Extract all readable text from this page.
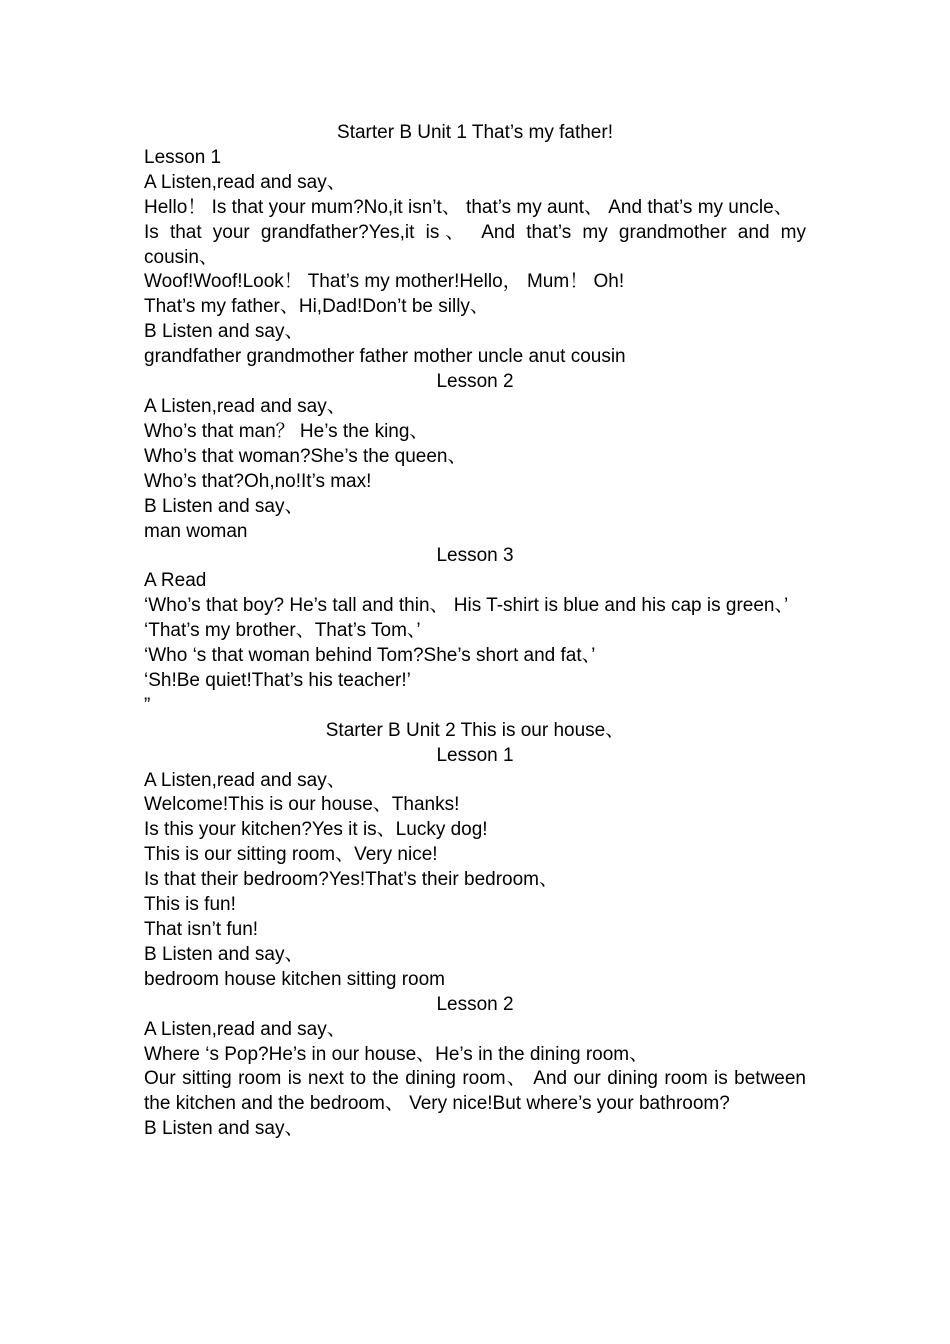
Starter B Unit 1 That’s my father!
Lesson 1
A Listen,read and say、
Hello！ Is that your mum?No,it isn’t、 that’s my aunt、 And that’s my uncle、
Is that your grandfather?Yes,it is、 And that’s my grandmother and my cousin、
Woof!Woof!Look！ That’s my mother!Hello， Mum！ Oh!
That’s my father、Hi,Dad!Don’t be silly、
B Listen and say、
grandfather grandmother father mother uncle anut cousin
Lesson 2
A Listen,read and say、
Who’s that man？ He’s the king、
Who’s that woman?She’s the queen、
Who’s that?Oh,no!It’s max!
B Listen and say、
man woman
Lesson 3
A Read
‘Who’s that boy? He’s tall and thin、 His T-shirt is blue and his cap is green、’
‘That’s my brother、That’s Tom、’
‘Who ‘s that woman behind Tom?She’s short and fat、’
‘Sh!Be quiet!That’s his teacher!’
”
Starter B Unit 2 This is our house、
Lesson 1
A Listen,read and say、
Welcome!This is our house、Thanks!
Is this your kitchen?Yes it is、Lucky dog!
This is our sitting room、Very nice!
Is that their bedroom?Yes!That’s their bedroom、
This is fun!
That isn’t fun!
B Listen and say、
bedroom house kitchen sitting room
Lesson 2
A Listen,read and say、
Where ‘s Pop?He’s in our house、He’s in the dining room、
Our sitting room is next to the dining room、 And our dining room is between the kitchen and the bedroom、 Very nice!But where’s your bathroom?
B Listen and say、
